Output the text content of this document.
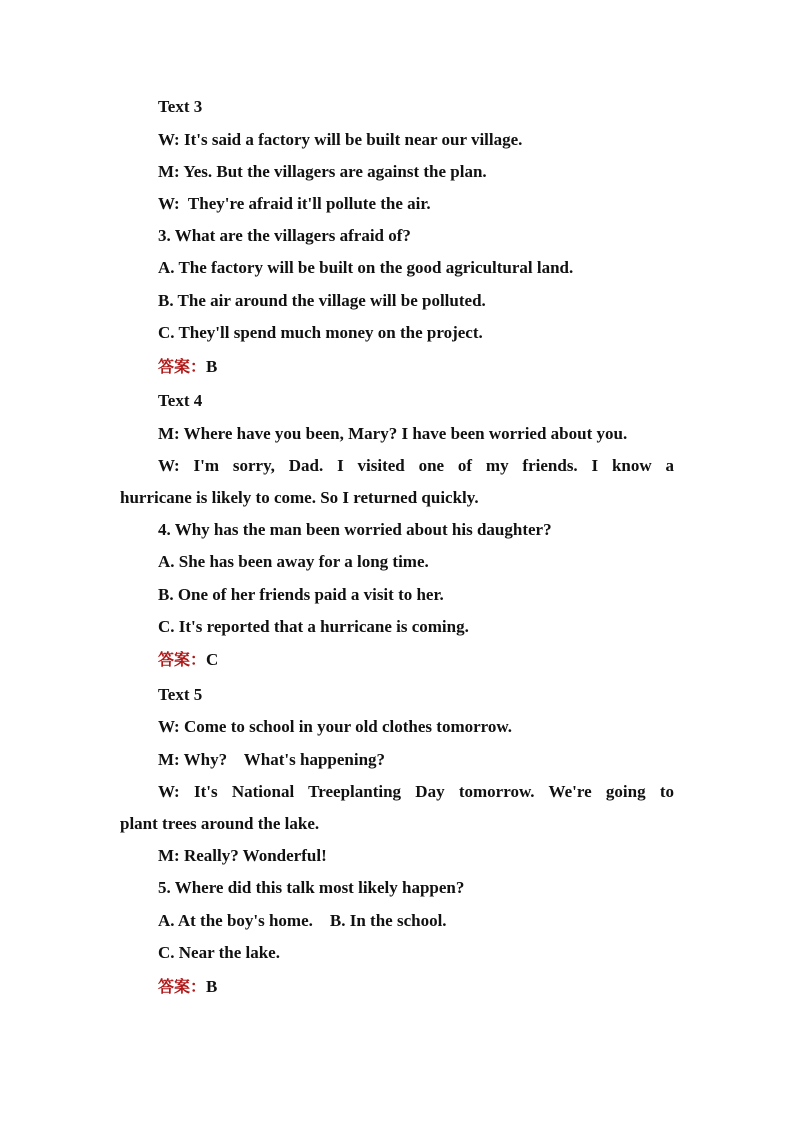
Text 3
W: It's said a factory will be built near our village.
M: Yes. But the villagers are against the plan.
W:  They're afraid it'll pollute the air.
3. What are the villagers afraid of?
A. The factory will be built on the good agricultural land.
B. The air around the village will be polluted.
C. They'll spend much money on the project.
答案：B
Text 4
M: Where have you been, Mary? I have been worried about you.
W: I'm sorry, Dad. I visited one of my friends. I know a
hurricane is likely to come. So I returned quickly.
4. Why has the man been worried about his daughter?
A. She has been away for a long time.
B. One of her friends paid a visit to her.
C. It's reported that a hurricane is coming.
答案：C
Text 5
W: Come to school in your old clothes tomorrow.
M: Why?    What's happening?
W: It's National Treeplanting Day tomorrow. We're going to
plant trees around the lake.
M: Really? Wonderful!
5. Where did this talk most likely happen?
A. At the boy's home.    B. In the school.
C. Near the lake.
答案：B
